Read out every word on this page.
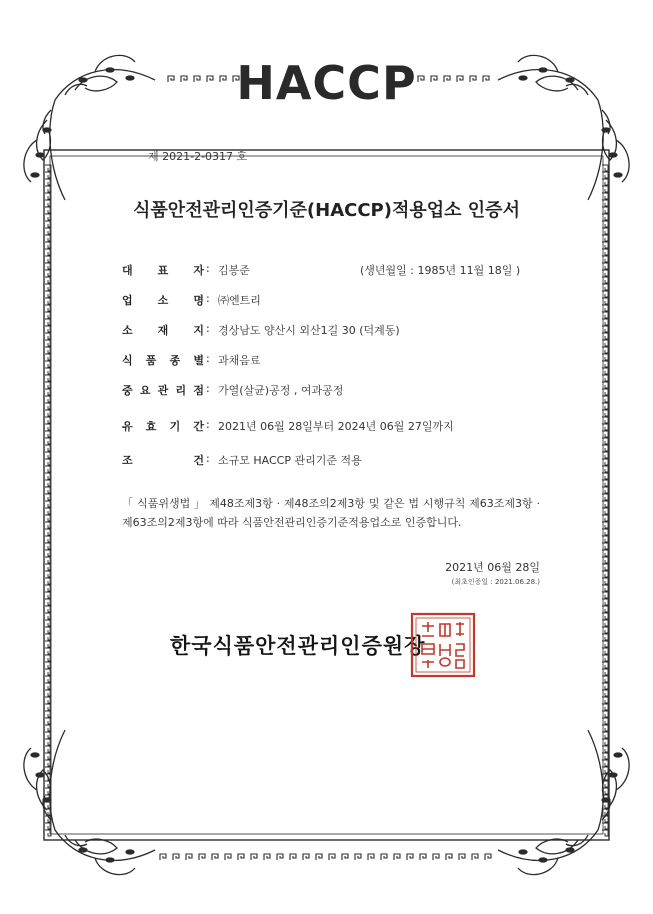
HACCP
제 2021-2-0317 호
식품안전관리인증기준(HACCP)적용업소 인증서
대 표 자 : 김봉준	(생년월일 : 1985년 11월 18일 )
업 소 명 : ㈜엔트리
소 재 지 : 경상남도 양산시 외산1길 30 (덕계동)
식 품 종 별 : 과채음료
중 요 관 리 점 : 가열(살균)공정 , 여과공정
유 효 기 간 : 2021년 06월 28일부터 2024년 06월 27일까지
조	건 : 소규모 HACCP 관리기준 적용
「 식품위생법 」 제48조제3항 · 제48조의2제3항 및 같은 법 시행규칙 제63조제3항 · 제63조의2제3항에 따라 식품안전관리인증기준적용업소로 인증합니다.
2021년 06월 28일
(최초인증일 : 2021.06.28.)
한국식품안전관리인증원장
